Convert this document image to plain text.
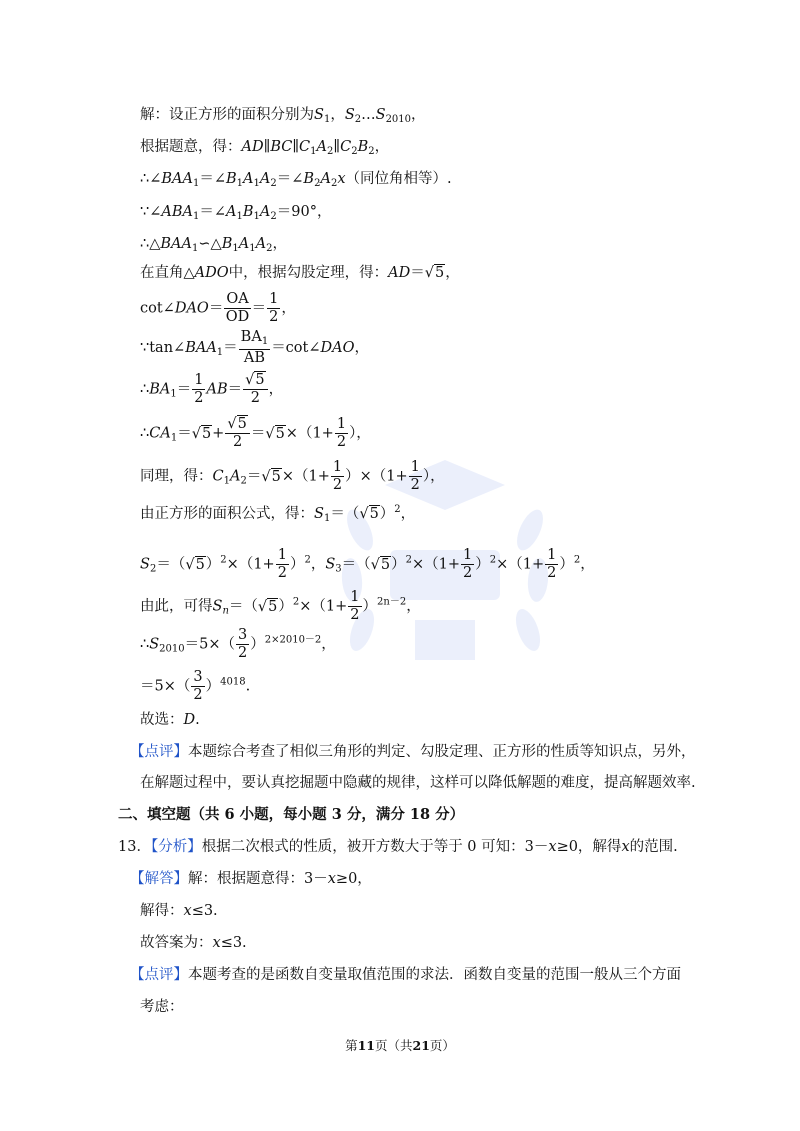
解：设正方形的面积分别为$S_1$，$S_2\dots S_{2010}$，
根据题意，得：$AD\parallel BC\parallel C_1A_2\parallel C_2B_2$，
$\therefore\angle BAA_1=\angle B_1A_1A_2=\angle B_2A_2x$（同位角相等）.
$\because\angle ABA_1=\angle A_1B_1A_2=90^\circ$，
$\therefore\triangle BAA_1∽\triangle B_1A_1A_2$，
在直角△ADO中，根据勾股定理，得：AD＝√5，
cot∠DAO＝ $\frac{OA}{OD} = \frac{1}{2}$ ，
$\because\tan\angle BAA_1= \frac{BA_1}{AB}$ ＝cot∠DAO，
$\therefore BA_1= \frac{1}{2} AB= \frac{√5}{2}$ ，
$\therefore CA_1=√5+ \frac{√5}{2} =√5\times(1+ \frac{1}{2}$ ），
同理，得：$C_1A_2=√5\times(1+ \frac{1}{2} )\times(1+ \frac{1}{2}$ ），
由正方形的面积公式，得：$S_1=(√5)^2$，
$S_2=(√5)^2\times(1+ \frac{1}{2} )^2$，$S_3=(√5)^2\times(1+ \frac{1}{2} )^2\times(1+ \frac{1}{2} )^2$，
由此，可得$S_n=(√5)^2\times(1+ \frac{1}{2} )^{2n-2}$，
$\therefore S_{2010}=5\times( \frac{3}{2} )^{2\times 2010-2}$，
$=5\times( \frac{3}{2} )^{4018}$.
故选：D.
【点评】本题综合考查了相似三角形的判定、勾股定理、正方形的性质等知识点，另外，
在解题过程中，要认真挖掘题中隐藏的规律，这样可以降低解题的难度，提高解题效率.
二、填空题（共 6 小题，每小题 3 分，满分 18 分）
13．【分析】根据二次根式的性质，被开方数大于等于 0 可知：3－x≥0，解得x的范围.
【解答】解：根据题意得：3－x≥0，
解得：x≤3.
故答案为：x≤3.
【点评】本题考查的是函数自变量取值范围的求法．函数自变量的范围一般从三个方面
考虑：
第11页（共21页）
